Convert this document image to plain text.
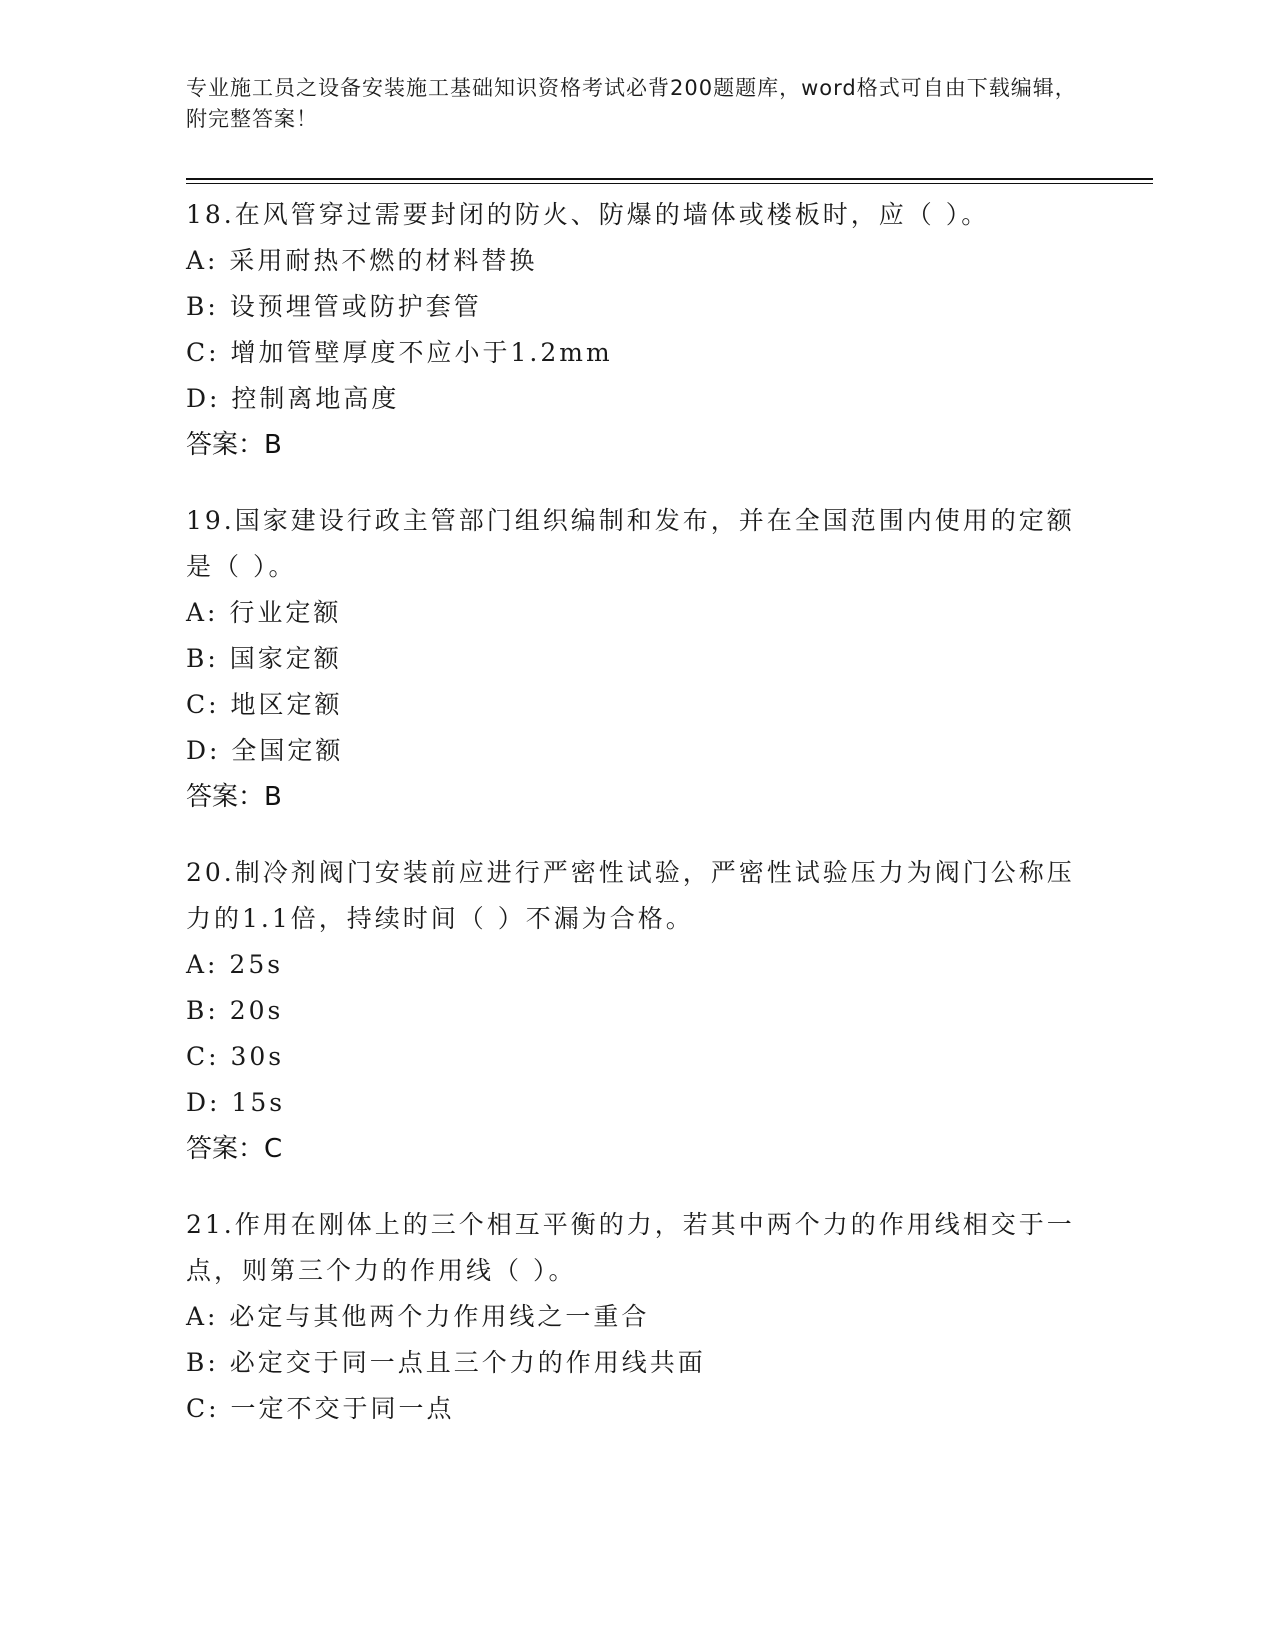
专业施工员之设备安装施工基础知识资格考试必背200题题库，word格式可自由下载编辑，附完整答案！

18.在风管穿过需要封闭的防火、防爆的墙体或楼板时，应（ ）。

A: 采用耐热不燃的材料替换

B: 设预埋管或防护套管

C: 增加管壁厚度不应小于1.2mm

D: 控制离地高度

答案：B

19.国家建设行政主管部门组织编制和发布，并在全国范围内使用的定额是（ ）。

A: 行业定额

B: 国家定额

C: 地区定额

D: 全国定额

答案：B

20.制冷剂阀门安装前应进行严密性试验，严密性试验压力为阀门公称压力的1.1倍，持续时间（ ）不漏为合格。

A: 25s

B: 20s

C: 30s

D: 15s

答案：C

21.作用在刚体上的三个相互平衡的力，若其中两个力的作用线相交于一点，则第三个力的作用线（ ）。

A: 必定与其他两个力作用线之一重合

B: 必定交于同一点且三个力的作用线共面

C: 一定不交于同一点
